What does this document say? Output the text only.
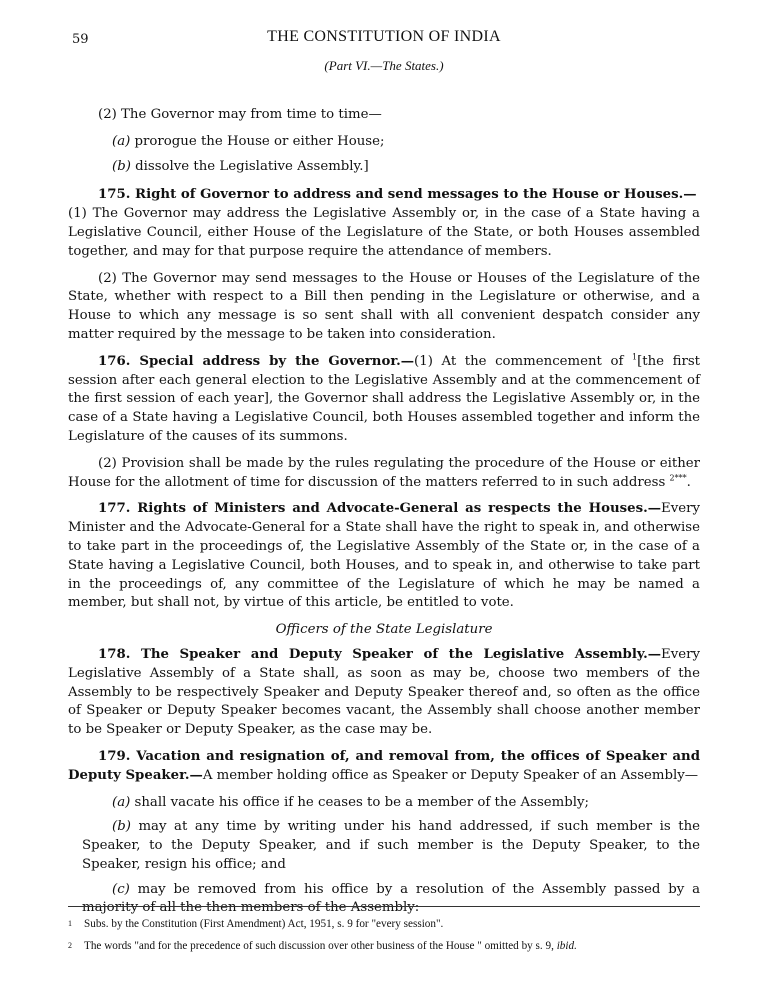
59	THE CONSTITUTION OF INDIA
(Part VI.—The States.)

(2) The Governor may from time to time—

(a) prorogue the House or either House;

(b) dissolve the Legislative Assembly.]

175. Right of Governor to address and send messages to the House or Houses.—
(1) The Governor may address the Legislative Assembly or, in the case of a State having a Legislative Council, either House of the Legislature of the State, or both Houses assembled together, and may for that purpose require the attendance of members.

(2) The Governor may send messages to the House or Houses of the Legislature of the State, whether with respect to a Bill then pending in the Legislature or otherwise, and a House to which any message is so sent shall with all convenient despatch consider any matter required by the message to be taken into consideration.

176. Special address by the Governor.—(1) At the commencement of $^1$[the first session after each general election to the Legislative Assembly and at the commencement of the first session of each year], the Governor shall address the Legislative Assembly or, in the case of a State having a Legislative Council, both Houses assembled together and inform the Legislature of the causes of its summons.

(2) Provision shall be made by the rules regulating the procedure of the House or either House for the allotment of time for discussion of the matters referred to in such address $^{2***}$.

177. Rights of Ministers and Advocate-General as respects the Houses.—Every Minister and the Advocate-General for a State shall have the right to speak in, and otherwise to take part in the proceedings of, the Legislative Assembly of the State or, in the case of a State having a Legislative Council, both Houses, and to speak in, and otherwise to take part in the proceedings of, any committee of the Legislature of which he may be named a member, but shall not, by virtue of this article, be entitled to vote.

Officers of the State Legislature

178. The Speaker and Deputy Speaker of the Legislative Assembly.—Every Legislative Assembly of a State shall, as soon as may be, choose two members of the Assembly to be respectively Speaker and Deputy Speaker thereof and, so often as the office of Speaker or Deputy Speaker becomes vacant, the Assembly shall choose another member to be Speaker or Deputy Speaker, as the case may be.

179. Vacation and resignation of, and removal from, the offices of Speaker and Deputy Speaker.—A member holding office as Speaker or Deputy Speaker of an Assembly—

(a) shall vacate his office if he ceases to be a member of the Assembly;

(b) may at any time by writing under his hand addressed, if such member is the Speaker, to the Deputy Speaker, and if such member is the Deputy Speaker, to the Speaker, resign his office; and

(c) may be removed from his office by a resolution of the Assembly passed by a majority of all the then members of the Assembly:

1	Subs. by the Constitution (First Amendment) Act, 1951, s. 9 for "every session".
2	The words "and for the precedence of such discussion over other business of the House " omitted by s. 9, ibid.
